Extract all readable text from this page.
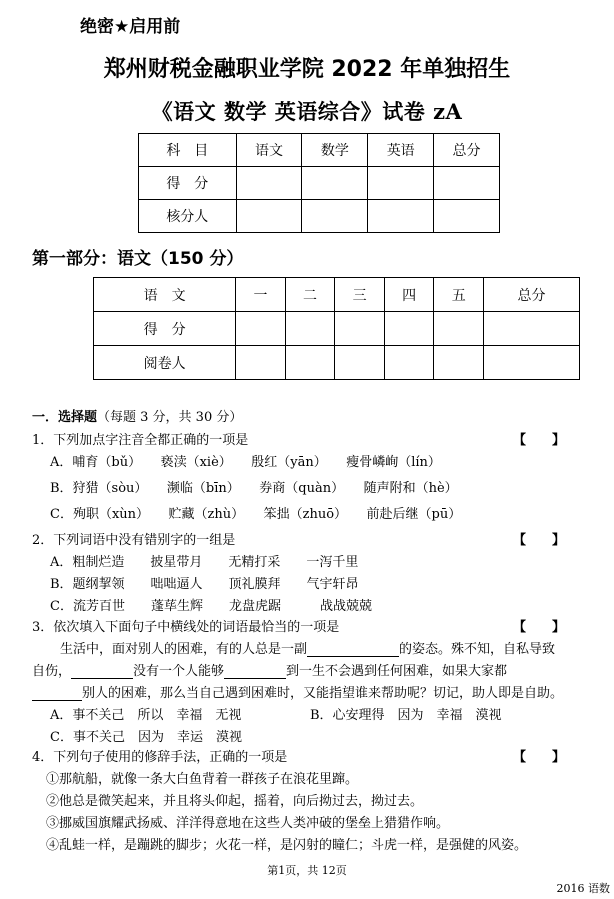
绝密★启用前
郑州财税金融职业学院 2022 年单独招生
《语文 数学 英语综合》试卷 zA
科　目	语文	数学	英语	总分
得　分				
核分人				
第一部分：语文（150 分）
语　文	一	二	三	四	五	总分
得　分						
阅卷人						
一．选择题（每题 3 分，共 30 分）
1．下列加点字注音全都正确的一项是	【　　】
A．哺育（bǔ）　　亵渎（xiè）　　殷红（yān）　　瘦骨嶙峋（lín）
B．狩猎（sòu）　　濒临（bīn）　　券商（quàn）　　随声附和（hè）
C．殉职（xùn）　　贮藏（zhù）　　笨拙（zhuō）　　前赴后继（pū）
2．下列词语中没有错别字的一组是	【　　】
A．粗制烂造　　披星带月　　无精打采　　一泻千里
B．题纲挈领　　咄咄逼人　　顶礼膜拜　　气宇轩昂
C．流芳百世　　蓬荜生辉　　龙盘虎踞　　　战战兢兢
3．依次填入下面句子中横线处的词语最恰当的一项是	【　　】
生活中，面对别人的困难，有的人总是一副	的姿态。殊不知，自私导致
自伤，	没有一个人能够	到一生不会遇到任何困难，如果大家都
别人的困难，那么当自己遇到困难时，又能指望谁来帮助呢？切记，助人即是自助。
A．事不关己　所以　幸福　无视	B．心安理得　因为　幸福　漠视
C．事不关己　因为　幸运　漠视
4．下列句子使用的修辞手法，正确的一项是	【　　】
①那航船，就像一条大白鱼背着一群孩子在浪花里蹿。
②他总是微笑起来，并且将头仰起，摇着，向后拗过去，拗过去。
③挪威国旗耀武扬威、洋洋得意地在这些人类冲破的堡垒上猎猎作响。
④乱蛙一样，是蹦跳的脚步；火花一样，是闪射的瞳仁；斗虎一样，是强健的风姿。
第1页，共 12页
2016 语数
